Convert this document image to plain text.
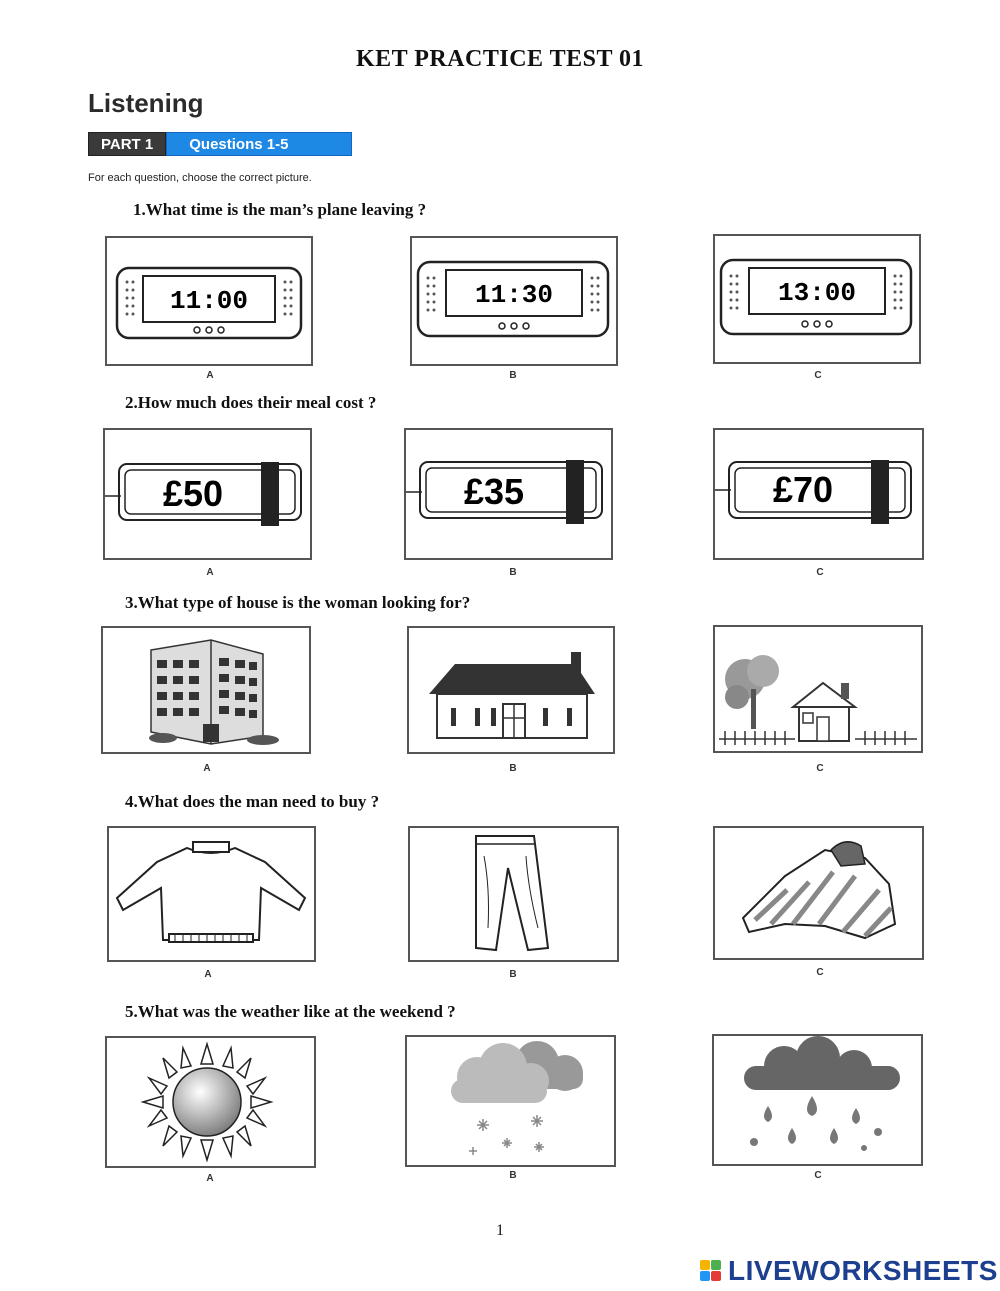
KET PRACTICE TEST 01
Listening
PART 1	Questions 1-5
For each question, choose the correct picture.
1.What time is the man’s plane leaving ?
11:00
A
11:30
B
13:00
C
2.How much does their meal cost ?
£50
A
£35
B
£70
C
3.What type of house is the woman looking for?
A	B	C
4.What does the man need to buy ?
A	B	C
5.What was the weather like at the weekend ?
A	B	C
1
LIVEWORKSHEETS
